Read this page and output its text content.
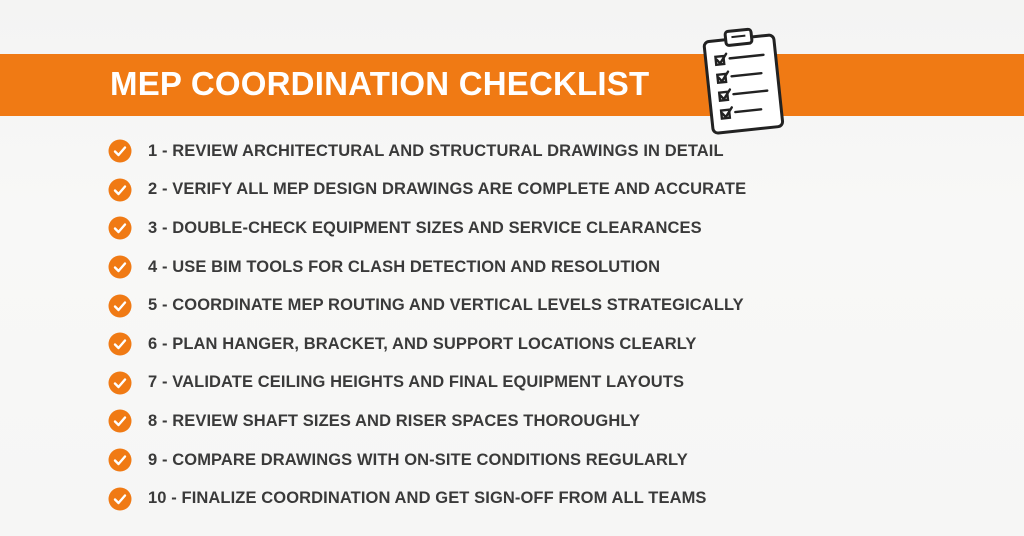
MEP COORDINATION CHECKLIST
1 - REVIEW ARCHITECTURAL AND STRUCTURAL DRAWINGS IN DETAIL
2 - VERIFY ALL MEP DESIGN DRAWINGS ARE COMPLETE AND ACCURATE
3 - DOUBLE-CHECK EQUIPMENT SIZES AND SERVICE CLEARANCES
4 - USE BIM TOOLS FOR CLASH DETECTION AND RESOLUTION
5 - COORDINATE MEP ROUTING AND VERTICAL LEVELS STRATEGICALLY
6 - PLAN HANGER, BRACKET, AND SUPPORT LOCATIONS CLEARLY
7 - VALIDATE CEILING HEIGHTS AND FINAL EQUIPMENT LAYOUTS
8 - REVIEW SHAFT SIZES AND RISER SPACES THOROUGHLY
9 - COMPARE DRAWINGS WITH ON-SITE CONDITIONS REGULARLY
10 - FINALIZE COORDINATION AND GET SIGN-OFF FROM ALL TEAMS
